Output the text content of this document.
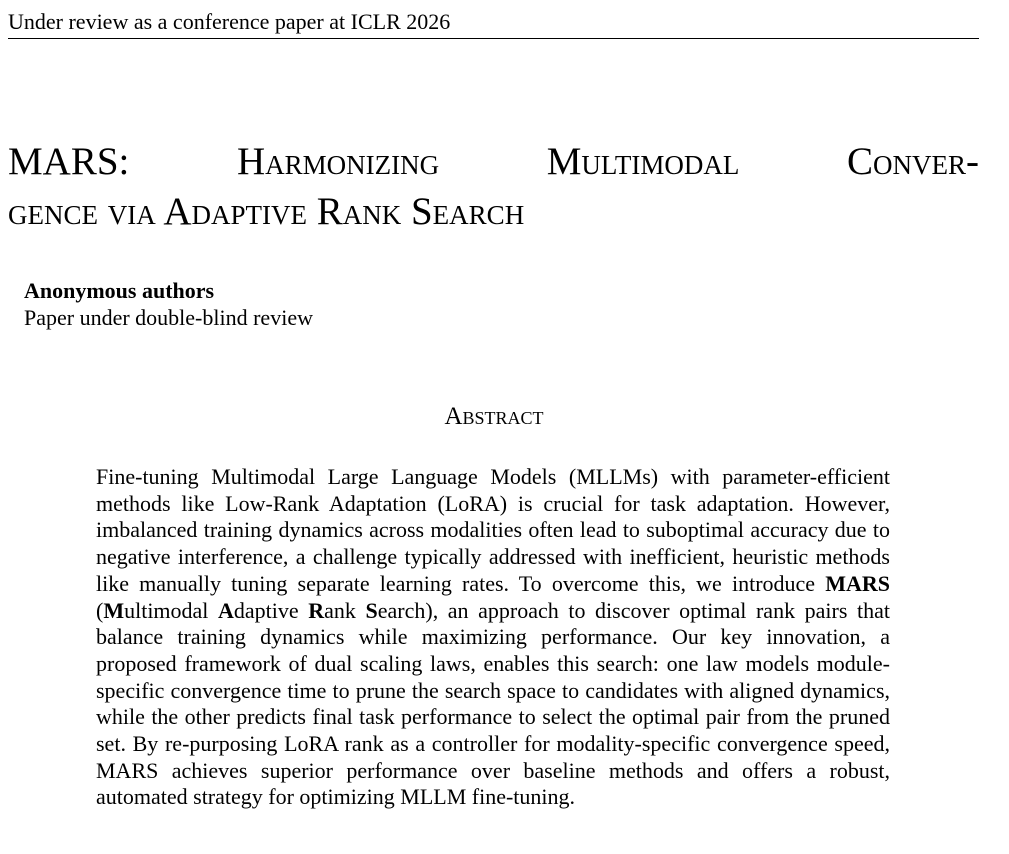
Under review as a conference paper at ICLR 2026
MARS:	Harmonizing	Multimodal	Conver-
gence via Adaptive Rank Search
Anonymous authors
Paper under double-blind review
Abstract
Fine-tuning Multimodal Large Language Models (MLLMs) with parameter-efficient methods like Low-Rank Adaptation (LoRA) is crucial for task adaptation. However, imbalanced training dynamics across modalities often lead to suboptimal accuracy due to negative interference, a challenge typically addressed with inefficient, heuristic methods like manually tuning separate learning rates. To overcome this, we introduce MARS (Multimodal Adaptive Rank Search), an approach to discover optimal rank pairs that balance training dynamics while maximizing performance. Our key innovation, a proposed framework of dual scaling laws, enables this search: one law models module-specific convergence time to prune the search space to candidates with aligned dynamics, while the other predicts final task performance to select the optimal pair from the pruned set. By re-purposing LoRA rank as a controller for modality-specific convergence speed, MARS achieves superior performance over baseline methods and offers a robust, automated strategy for optimizing MLLM fine-tuning.
